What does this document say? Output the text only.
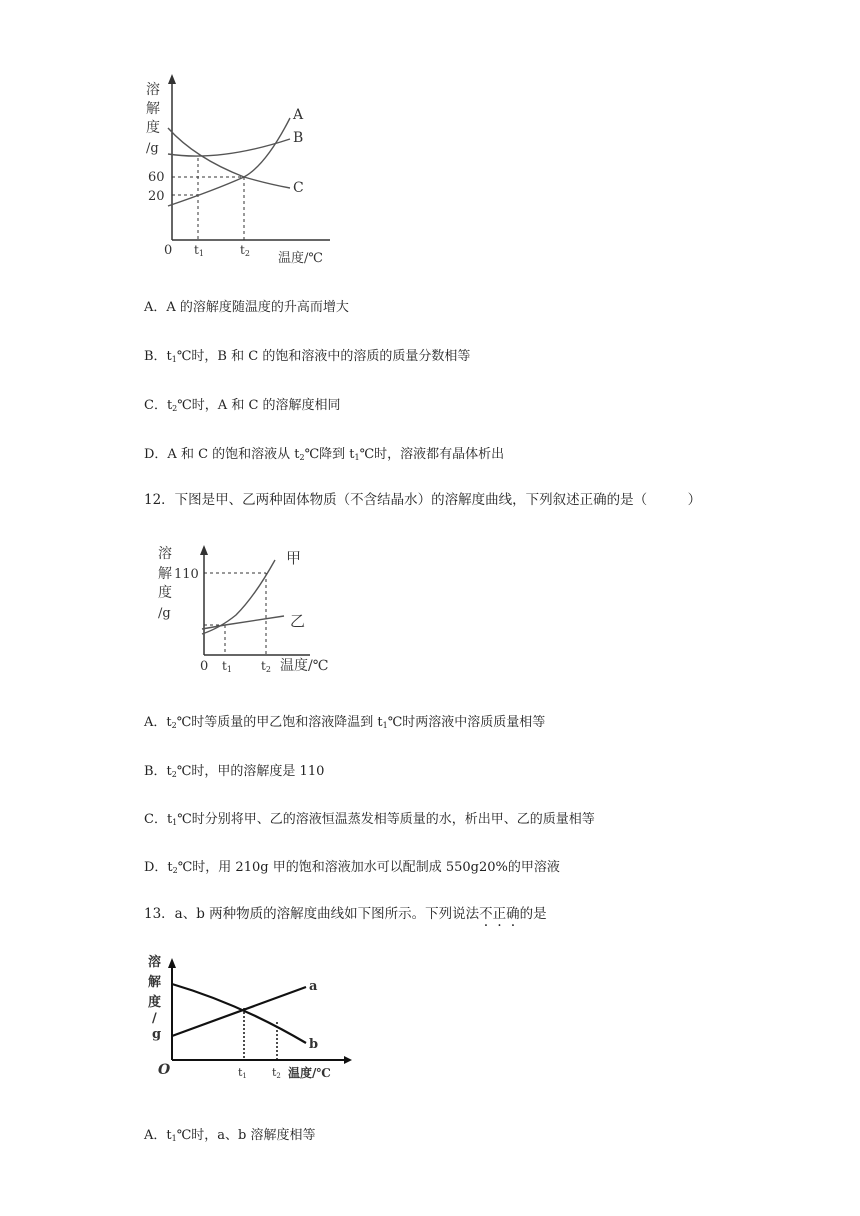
溶
解
度
/g
60
20
0 t1	t2 温度/℃
A
B
C
A．A 的溶解度随温度的升高而增大
B．$t_1℃$时，B 和 C 的饱和溶液中的溶质的质量分数相等
C．$t_2℃$时，A 和 C 的溶解度相同
D．A 和 C 的饱和溶液从 $t_2℃$降到 $t_1℃$时，溶液都有晶体析出
12．下图是甲、乙两种固体物质（不含结晶水）的溶解度曲线，下列叙述正确的是（　　　）
溶
解
度
/g
110
0 t1 t2 温度/℃
甲
乙
A．$t_2℃$时等质量的甲乙饱和溶液降温到 $t_1℃$时两溶液中溶质质量相等
B．$t_2℃$时，甲的溶解度是 110
C．$t_1℃$时分别将甲、乙的溶液恒温蒸发相等质量的水，析出甲、乙的质量相等
D．$t_2℃$时，用 210g 甲的饱和溶液加水可以配制成 550g20%的甲溶液
13．a、b 两种物质的溶解度曲线如下图所示。下列说法不正确的是
溶
解
度
/
g
O	t1 t2 温度/℃
a
b
A．$t_1℃$时，a、b 溶解度相等
